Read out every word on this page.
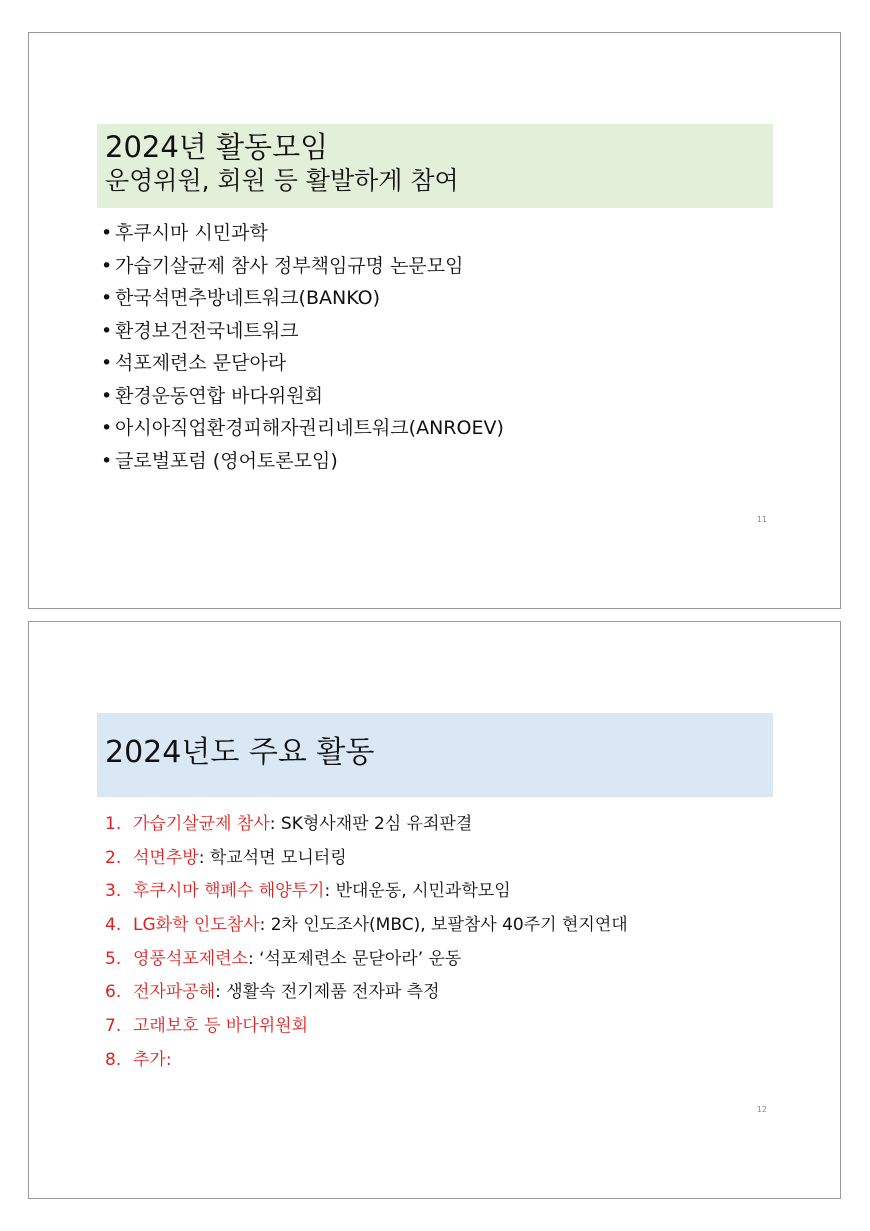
2024년 활동모임
운영위원, 회원 등 활발하게 참여
• 후쿠시마 시민과학
• 가습기살균제 참사 정부책임규명 논문모임
• 한국석면추방네트워크(BANKO)
• 환경보건전국네트워크
• 석포제련소 문닫아라
• 환경운동연합 바다위원회
• 아시아직업환경피해자권리네트워크(ANROEV)
• 글로벌포럼 (영어토론모임)
11
2024년도 주요 활동
1. 가습기살균제 참사: SK형사재판 2심 유죄판결
2. 석면추방: 학교석면 모니터링
3. 후쿠시마 핵폐수 해양투기: 반대운동, 시민과학모임
4. LG화학 인도참사: 2차 인도조사(MBC), 보팔참사 40주기 현지연대
5. 영풍석포제련소: ‘석포제련소 문닫아라’ 운동
6. 전자파공해: 생활속 전기제품 전자파 측정
7. 고래보호 등 바다위원회
8. 추가:
12
